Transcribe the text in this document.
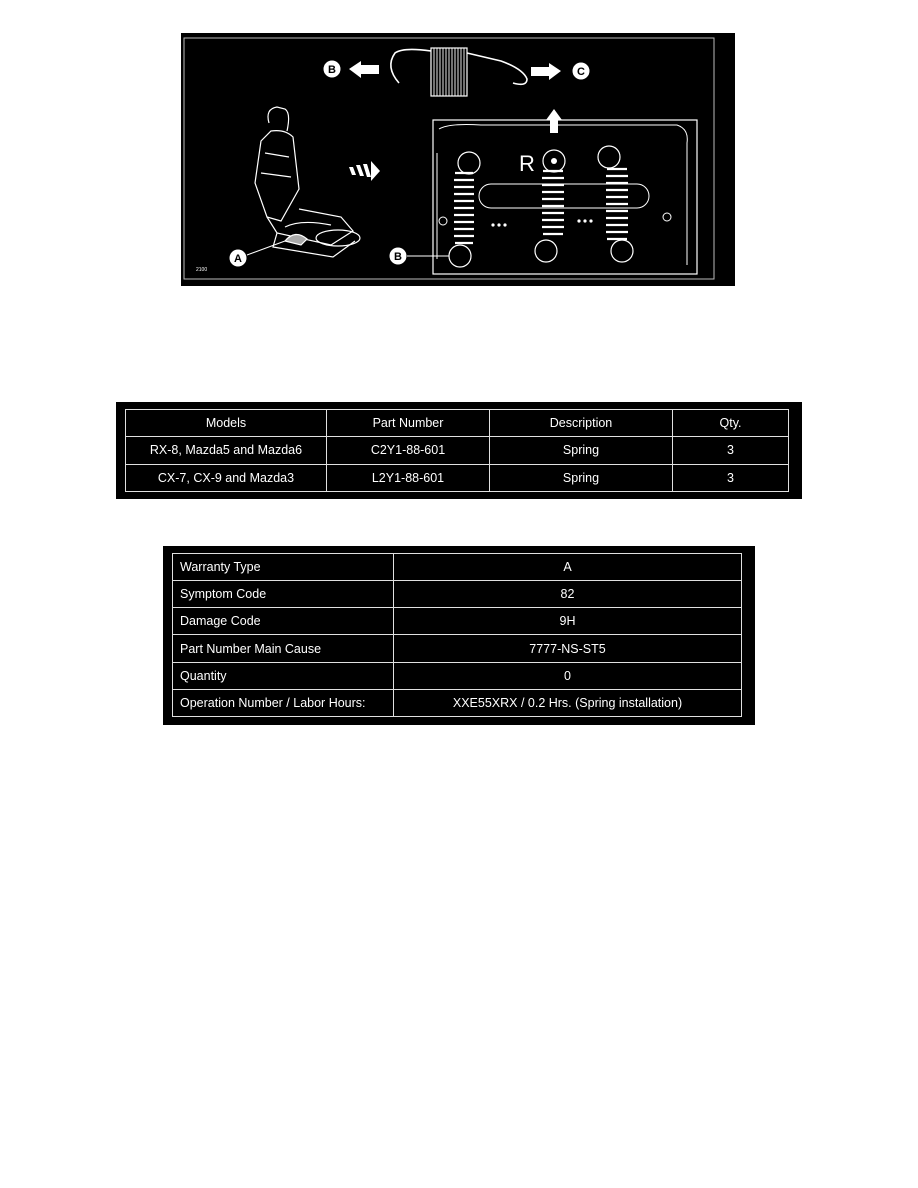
B	C
A
2100
R
B
Models	Part Number	Description	Qty.
RX-8, Mazda5 and Mazda6	C2Y1-88-601	Spring	3
CX-7, CX-9 and Mazda3	L2Y1-88-601	Spring	3
Warranty Type	A
Symptom Code	82
Damage Code	9H
Part Number Main Cause	7777-NS-ST5
Quantity	0
Operation Number / Labor Hours:	XXE55XRX / 0.2 Hrs. (Spring installation)
